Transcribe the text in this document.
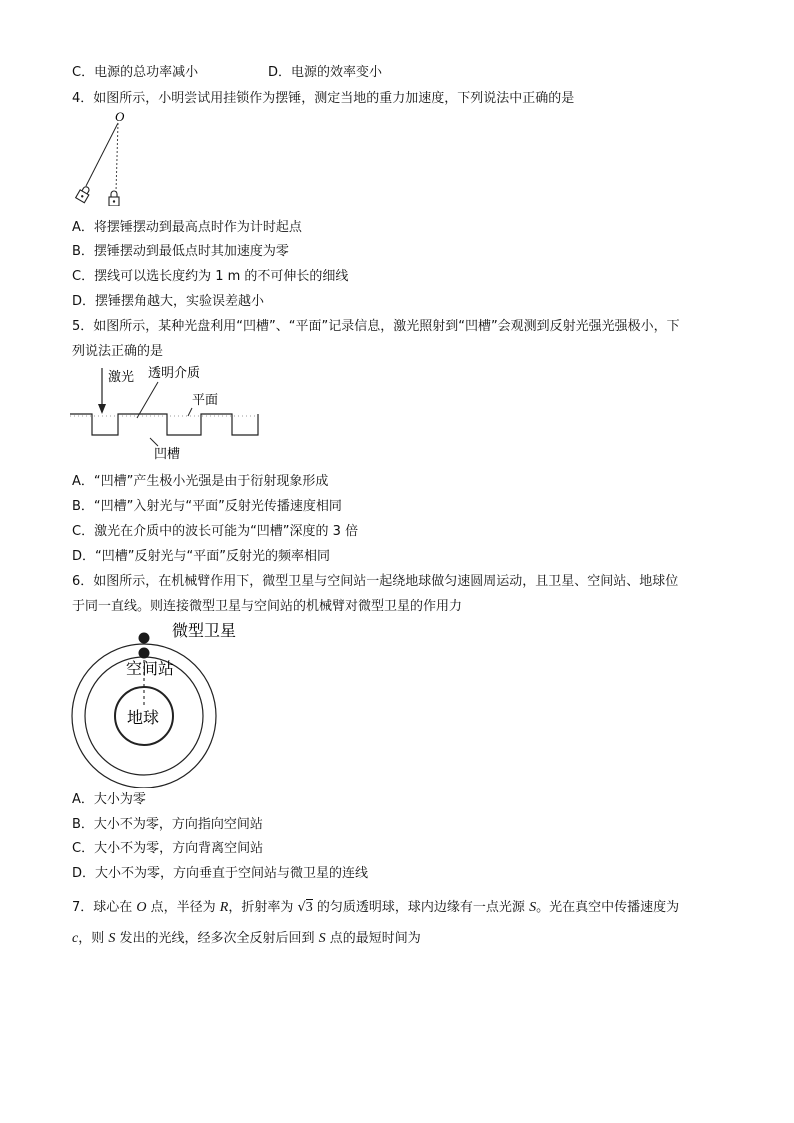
C．电源的总功率减小	D．电源的效率变小
4．如图所示，小明尝试用挂锁作为摆锤，测定当地的重力加速度，下列说法中正确的是
O
A．将摆锤摆动到最高点时作为计时起点
B．摆锤摆动到最低点时其加速度为零
C．摆线可以选长度约为 1 m 的不可伸长的细线
D．摆锤摆角越大，实验误差越小
5．如图所示，某种光盘利用“凹槽”、“平面”记录信息，激光照射到“凹槽”会观测到反射光强光强极小，下
列说法正确的是
激光 透明介质
平面
凹槽
A．“凹槽”产生极小光强是由于衍射现象形成
B．“凹槽”入射光与“平面”反射光传播速度相同
C．激光在介质中的波长可能为“凹槽”深度的 3 倍
D．“凹槽”反射光与“平面”反射光的频率相同
6．如图所示，在机械臂作用下，微型卫星与空间站一起绕地球做匀速圆周运动，且卫星、空间站、地球位
于同一直线。则连接微型卫星与空间站的机械臂对微型卫星的作用力
微型卫星
空间站
地球
A．大小为零
B．大小不为零，方向指向空间站
C．大小不为零，方向背离空间站
D．大小不为零，方向垂直于空间站与微卫星的连线
7．球心在 O 点，半径为 R，折射率为 √3 的匀质透明球，球内边缘有一点光源 S。光在真空中传播速度为
c，则 S 发出的光线，经多次全反射后回到 S 点的最短时间为
